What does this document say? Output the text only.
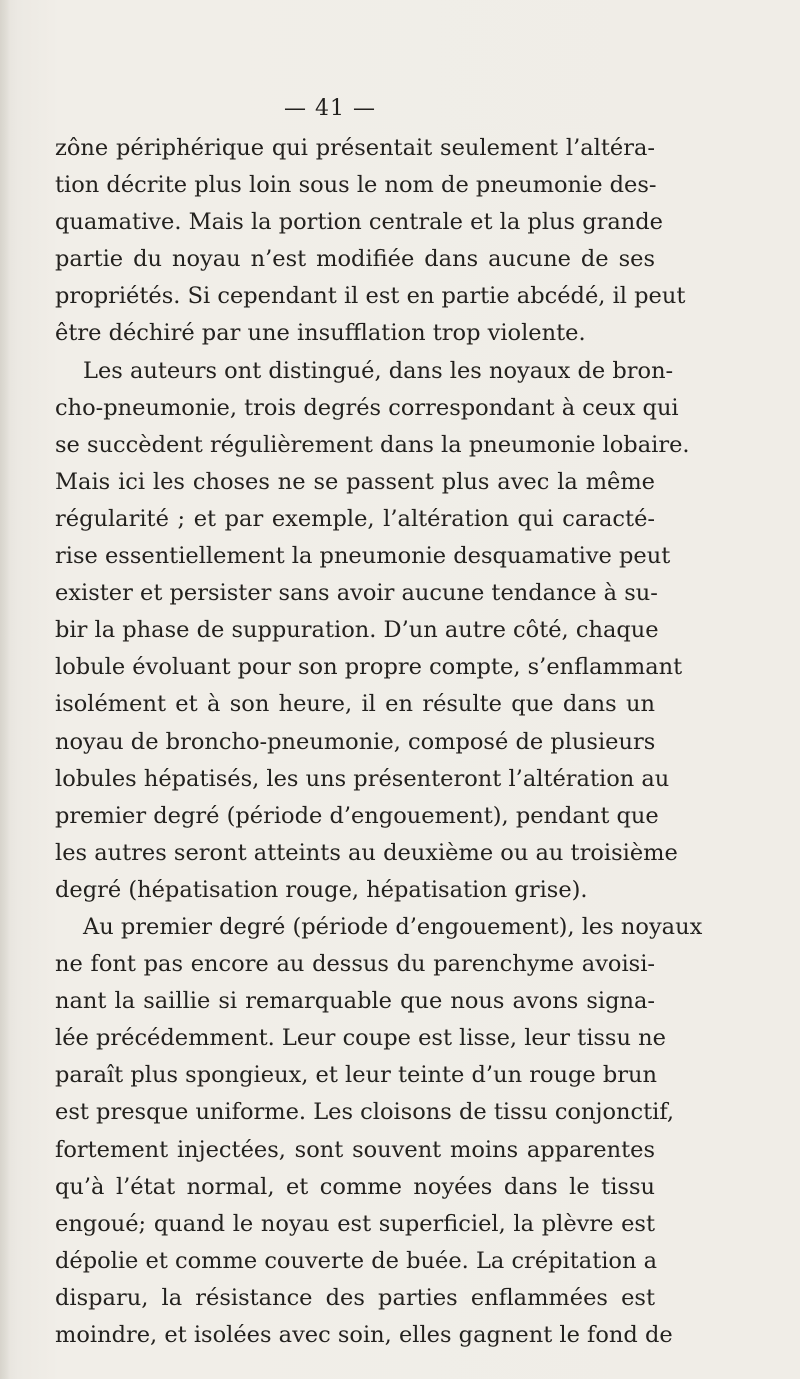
— 41 —
zône périphérique qui présentait seulement l’altéra-
tion décrite plus loin sous le nom de pneumonie des-
quamative. Mais la portion centrale et la plus grande
partie du noyau n’est modifiée dans aucune de ses
propriétés. Si cependant il est en partie abcédé, il peut
être déchiré par une insufflation trop violente.
Les auteurs ont distingué, dans les noyaux de bron-
cho-pneumonie, trois degrés correspondant à ceux qui
se succèdent régulièrement dans la pneumonie lobaire.
Mais ici les choses ne se passent plus avec la même
régularité ; et par exemple, l’altération qui caracté-
rise essentiellement la pneumonie desquamative peut
exister et persister sans avoir aucune tendance à su-
bir la phase de suppuration. D’un autre côté, chaque
lobule évoluant pour son propre compte, s’enflammant
isolément et à son heure, il en résulte que dans un
noyau de broncho-pneumonie, composé de plusieurs
lobules hépatisés, les uns présenteront l’altération au
premier degré (période d’engouement), pendant que
les autres seront atteints au deuxième ou au troisième
degré (hépatisation rouge, hépatisation grise).
Au premier degré (période d’engouement), les noyaux
ne font pas encore au dessus du parenchyme avoisi-
nant la saillie si remarquable que nous avons signa-
lée précédemment. Leur coupe est lisse, leur tissu ne
paraît plus spongieux, et leur teinte d’un rouge brun
est presque uniforme. Les cloisons de tissu conjonctif,
fortement injectées, sont souvent moins apparentes
qu’à l’état normal, et comme noyées dans le tissu
engoué; quand le noyau est superficiel, la plèvre est
dépolie et comme couverte de buée. La crépitation a
disparu, la résistance des parties enflammées est
moindre, et isolées avec soin, elles gagnent le fond de
